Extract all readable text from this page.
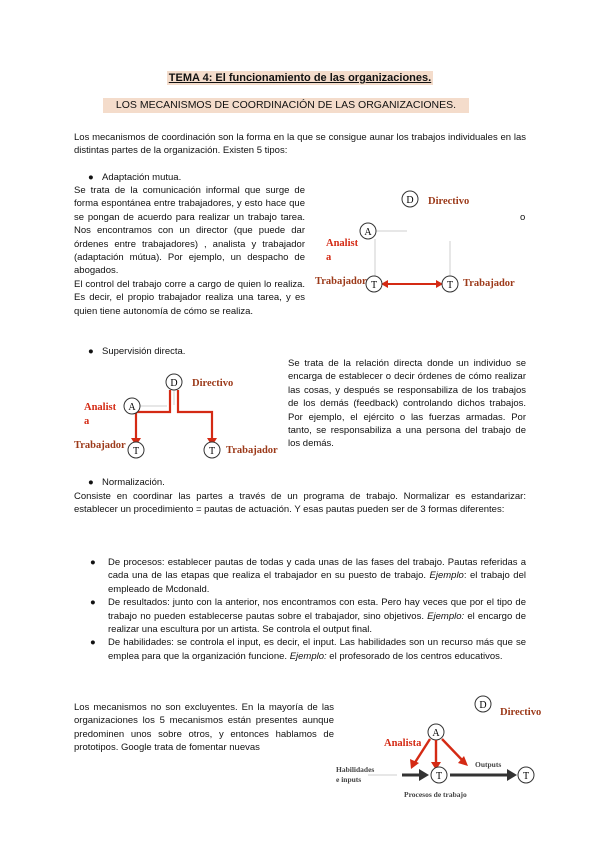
TEMA 4: El funcionamiento de las organizaciones.
LOS MECANISMOS DE COORDINACIÓN DE LAS ORGANIZACIONES.
Los mecanismos de coordinación son la forma en la que se consigue aunar los trabajos individuales en las distintas partes de la organización. Existen 5 tipos:
● Adaptación mutua.
Se trata de la comunicación informal que surge de forma espontánea entre trabajadores, y esto hace que se pongan de acuerdo para realizar un trabajo tarea. Nos encontramos con un director (que puede dar órdenes entre trabajadores) , analista y trabajador (adaptación mútua). Por ejemplo, un despacho de abogados.
El control del trabajo corre a cargo de quien lo realiza. Es decir, el propio trabajador realiza una tarea, y es quien tiene autonomía de cómo se realiza.
o
D Directivo
A
Analist
a
T	T
Trabajador	Trabajador
● Supervisión directa.
Se trata de la relación directa donde un individuo se encarga de establecer o decir órdenes de cómo realizar las cosas, y después se responsabiliza de los trabajos de los demás (feedback) controlando dichos trabajos. Por ejemplo, el ejército o las fuerzas armadas. Por tanto, se responsabiliza a una persona del trabajo de los demás.
D Directivo
A
Analist
a
T	T
Trabajador	Trabajador
● Normalización.
Consiste en coordinar las partes a través de un programa de trabajo. Normalizar es estandarizar: establecer un procedimiento = pautas de actuación. Y esas pautas pueden ser de 3 formas diferentes:
● De procesos: establecer pautas de todas y cada unas de las fases del trabajo. Pautas referidas a cada una de las etapas que realiza el trabajador en su puesto de trabajo. Ejemplo: el trabajo del empleado de Mcdonald.
● De resultados: junto con la anterior, nos encontramos con esta. Pero hay veces que por el tipo de trabajo no pueden establecerse pautas sobre el trabajador, sino objetivos. Ejemplo: el encargo de realizar una escultura por un artista. Se controla el output final.
● De habilidades: se controla el input, es decir, el input. Las habilidades son un recurso más que se emplea para que la organización funcione. Ejemplo: el profesorado de los centros educativos.
Los mecanismos no son excluyentes. En la mayoría de las organizaciones los 5 mecanismos están presentes aunque predominen unos sobre otros, y entonces hablamos de prototipos. Google trata de fomentar nuevas
D
Directivo
A
Analista
T	T
Habilidades
e inputs
Outputs
Procesos de trabajo
